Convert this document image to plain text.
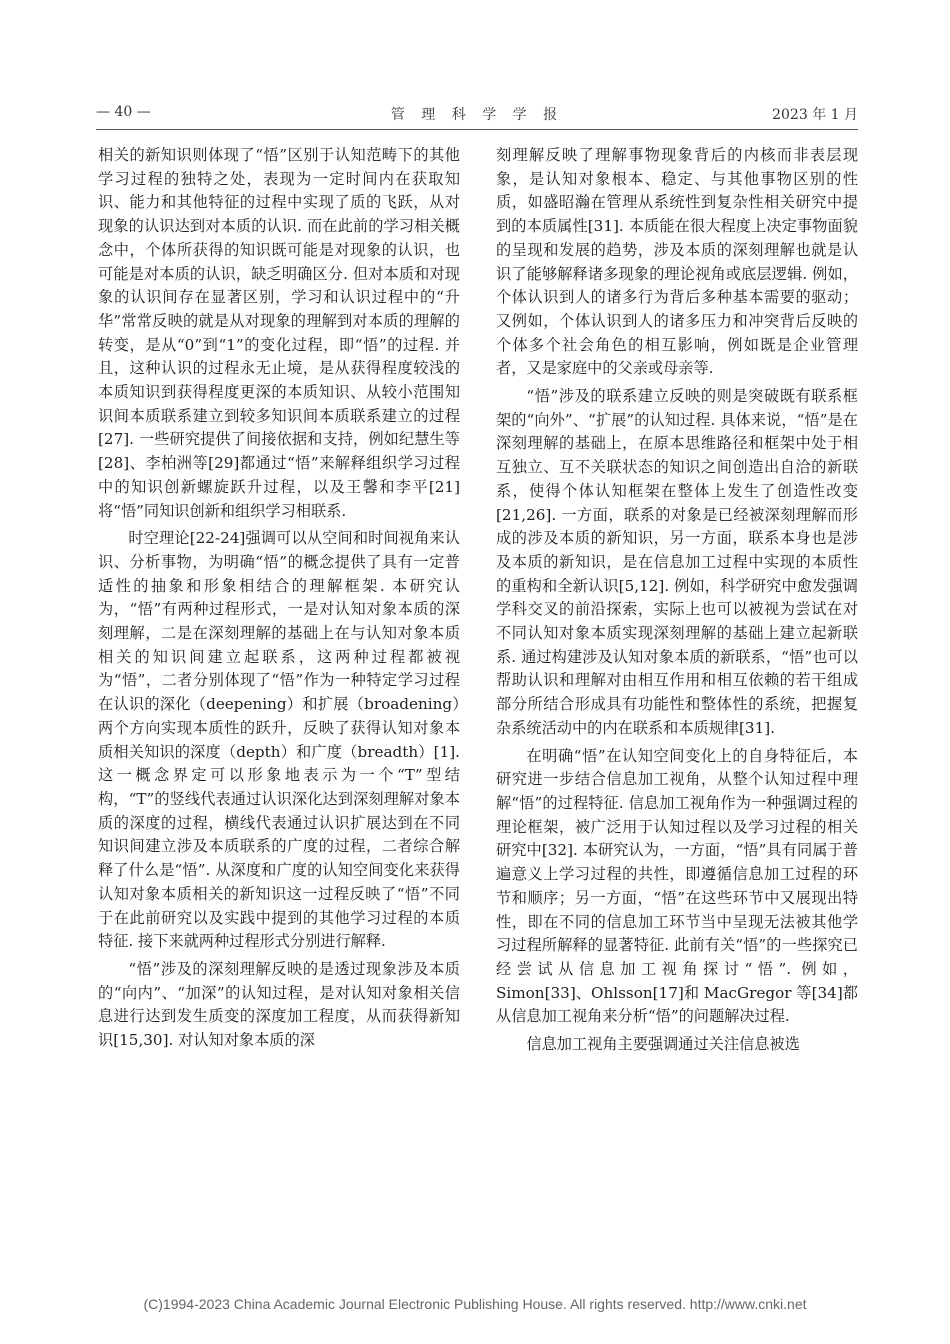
— 40 —	管 理 科 学 学 报	2023 年 1 月

相关的新知识则体现了“悟”区别于认知范畴下的其他学习过程的独特之处，表现为一定时间内在获取知识、能力和其他特征的过程中实现了质的飞跃，从对现象的认识达到对本质的认识. 而在此前的学习相关概念中，个体所获得的知识既可能是对现象的认识，也可能是对本质的认识，缺乏明确区分. 但对本质和对现象的认识间存在显著区别，学习和认识过程中的“升华”常常反映的就是从对现象的理解到对本质的理解的转变，是从“0”到“1”的变化过程，即“悟”的过程. 并且，这种认识的过程永无止境，是从获得程度较浅的本质知识到获得程度更深的本质知识、从较小范围知识间本质联系建立到较多知识间本质联系建立的过程[27]. 一些研究提供了间接依据和支持，例如纪慧生等[28]、李柏洲等[29]都通过“悟”来解释组织学习过程中的知识创新螺旋跃升过程，以及王馨和李平[21]将“悟”同知识创新和组织学习相联系.

时空理论[22-24]强调可以从空间和时间视角来认识、分析事物，为明确“悟”的概念提供了具有一定普适性的抽象和形象相结合的理解框架. 本研究认为，“悟”有两种过程形式，一是对认知对象本质的深刻理解，二是在深刻理解的基础上在与认知对象本质相关的知识间建立起联系，这两种过程都被视为“悟”，二者分别体现了“悟”作为一种特定学习过程在认识的深化（deepening）和扩展（broadening）两个方向实现本质性的跃升，反映了获得认知对象本质相关知识的深度（depth）和广度（breadth）[1]. 这一概念界定可以形象地表示为一个“T”型结构，“T”的竖线代表通过认识深化达到深刻理解对象本质的深度的过程，横线代表通过认识扩展达到在不同知识间建立涉及本质联系的广度的过程，二者综合解释了什么是“悟”. 从深度和广度的认知空间变化来获得认知对象本质相关的新知识这一过程反映了“悟”不同于在此前研究以及实践中提到的其他学习过程的本质特征. 接下来就两种过程形式分别进行解释.

“悟”涉及的深刻理解反映的是透过现象涉及本质的“向内”、“加深”的认知过程，是对认知对象相关信息进行达到发生质变的深度加工程度，从而获得新知识[15,30]. 对认知对象本质的深

刻理解反映了理解事物现象背后的内核而非表层现象，是认知对象根本、稳定、与其他事物区别的性质，如盛昭瀚在管理从系统性到复杂性相关研究中提到的本质属性[31]. 本质能在很大程度上决定事物面貌的呈现和发展的趋势，涉及本质的深刻理解也就是认识了能够解释诸多现象的理论视角或底层逻辑. 例如，个体认识到人的诸多行为背后多种基本需要的驱动；又例如，个体认识到人的诸多压力和冲突背后反映的个体多个社会角色的相互影响，例如既是企业管理者，又是家庭中的父亲或母亲等.

“悟”涉及的联系建立反映的则是突破既有联系框架的“向外”、“扩展”的认知过程. 具体来说，“悟”是在深刻理解的基础上，在原本思维路径和框架中处于相互独立、互不关联状态的知识之间创造出自洽的新联系，使得个体认知框架在整体上发生了创造性改变[21,26]. 一方面，联系的对象是已经被深刻理解而形成的涉及本质的新知识，另一方面，联系本身也是涉及本质的新知识，是在信息加工过程中实现的本质性的重构和全新认识[5,12]. 例如，科学研究中愈发强调学科交叉的前沿探索，实际上也可以被视为尝试在对不同认知对象本质实现深刻理解的基础上建立起新联系. 通过构建涉及认知对象本质的新联系，“悟”也可以帮助认识和理解对由相互作用和相互依赖的若干组成部分所结合形成具有功能性和整体性的系统，把握复杂系统活动中的内在联系和本质规律[31].

在明确“悟”在认知空间变化上的自身特征后，本研究进一步结合信息加工视角，从整个认知过程中理解“悟”的过程特征. 信息加工视角作为一种强调过程的理论框架，被广泛用于认知过程以及学习过程的相关研究中[32]. 本研究认为，一方面，“悟”具有同属于普遍意义上学习过程的共性，即遵循信息加工过程的环节和顺序；另一方面，“悟”在这些环节中又展现出特性，即在不同的信息加工环节当中呈现无法被其他学习过程所解释的显著特征. 此前有关“悟”的一些探究已经尝试从信息加工视角探讨“悟”. 例如，Simon[33]、Ohlsson[17]和 MacGregor 等[34]都从信息加工视角来分析“悟”的问题解决过程.

信息加工视角主要强调通过关注信息被选

(C)1994-2023 China Academic Journal Electronic Publishing House. All rights reserved. http://www.cnki.net
